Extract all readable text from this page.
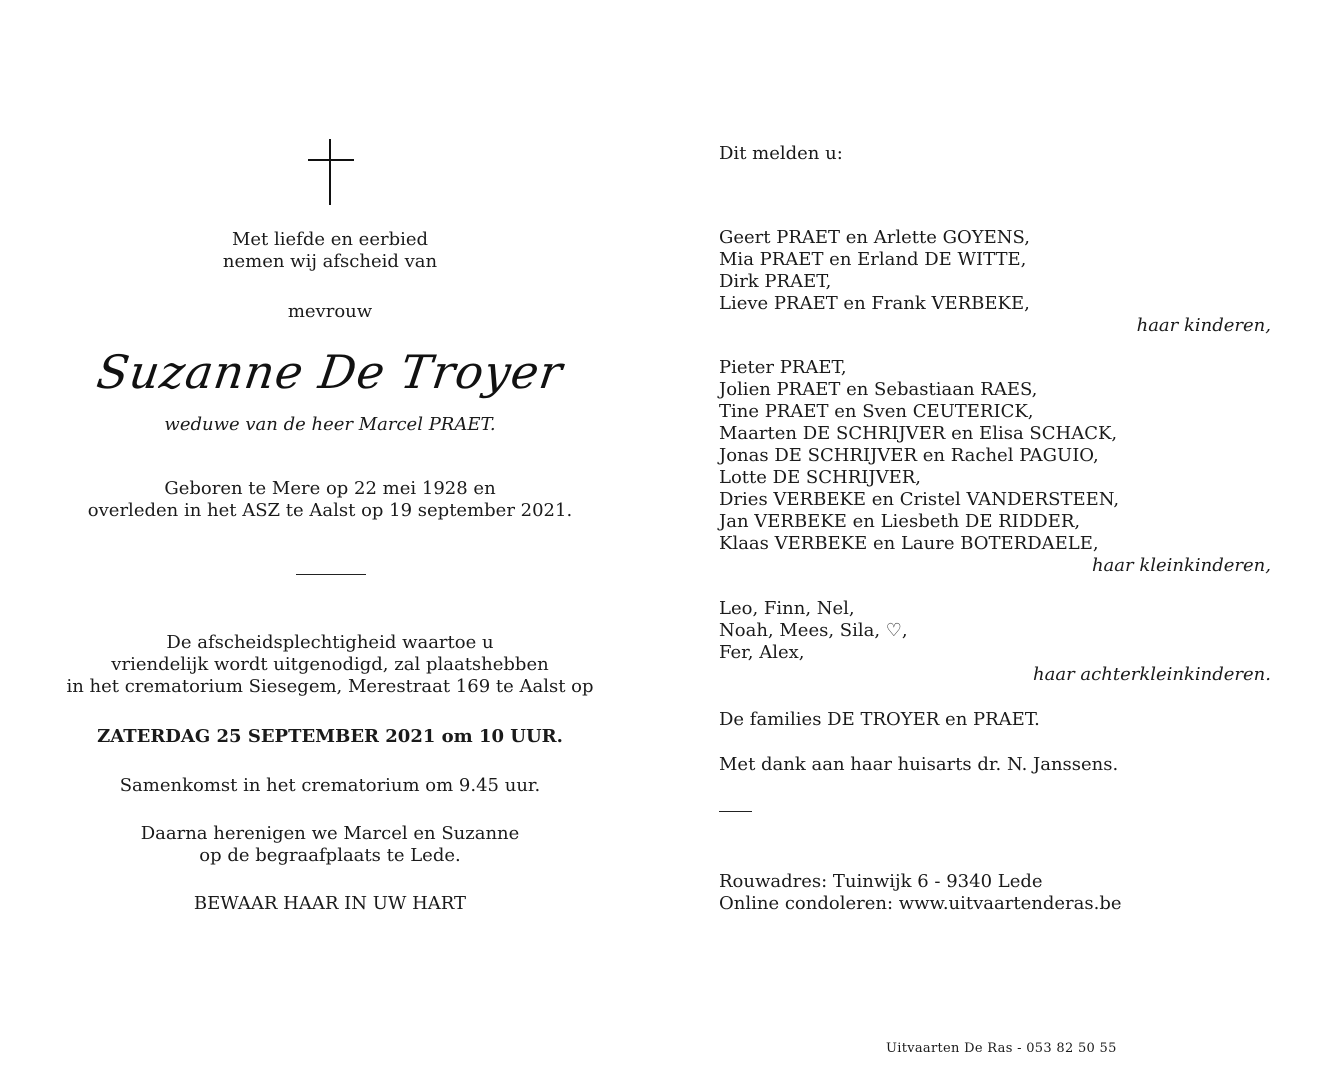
Met liefde en eerbied
nemen wij afscheid van
mevrouw
Suzanne De Troyer
weduwe van de heer Marcel PRAET.
Geboren te Mere op 22 mei 1928 en
overleden in het ASZ te Aalst op 19 september 2021.
De afscheidsplechtigheid waartoe u
vriendelijk wordt uitgenodigd, zal plaatshebben
in het crematorium Siesegem, Merestraat 169 te Aalst op
ZATERDAG 25 SEPTEMBER 2021 om 10 UUR.
Samenkomst in het crematorium om 9.45 uur.
Daarna herenigen we Marcel en Suzanne
op de begraafplaats te Lede.
BEWAAR HAAR IN UW HART
Dit melden u:
Geert PRAET en Arlette GOYENS,
Mia PRAET en Erland DE WITTE,
Dirk PRAET,
Lieve PRAET en Frank VERBEKE,
haar kinderen,
Pieter PRAET,
Jolien PRAET en Sebastiaan RAES,
Tine PRAET en Sven CEUTERICK,
Maarten DE SCHRIJVER en Elisa SCHACK,
Jonas DE SCHRIJVER en Rachel PAGUIO,
Lotte DE SCHRIJVER,
Dries VERBEKE en Cristel VANDERSTEEN,
Jan VERBEKE en Liesbeth DE RIDDER,
Klaas VERBEKE en Laure BOTERDAELE,
haar kleinkinderen,
Leo, Finn, Nel,
Noah, Mees, Sila, ♡,
Fer, Alex,
haar achterkleinkinderen.
De families DE TROYER en PRAET.
Met dank aan haar huisarts dr. N. Janssens.
Rouwadres: Tuinwijk 6 - 9340 Lede
Online condoleren: www.uitvaartenderas.be
Uitvaarten De Ras - 053 82 50 55
